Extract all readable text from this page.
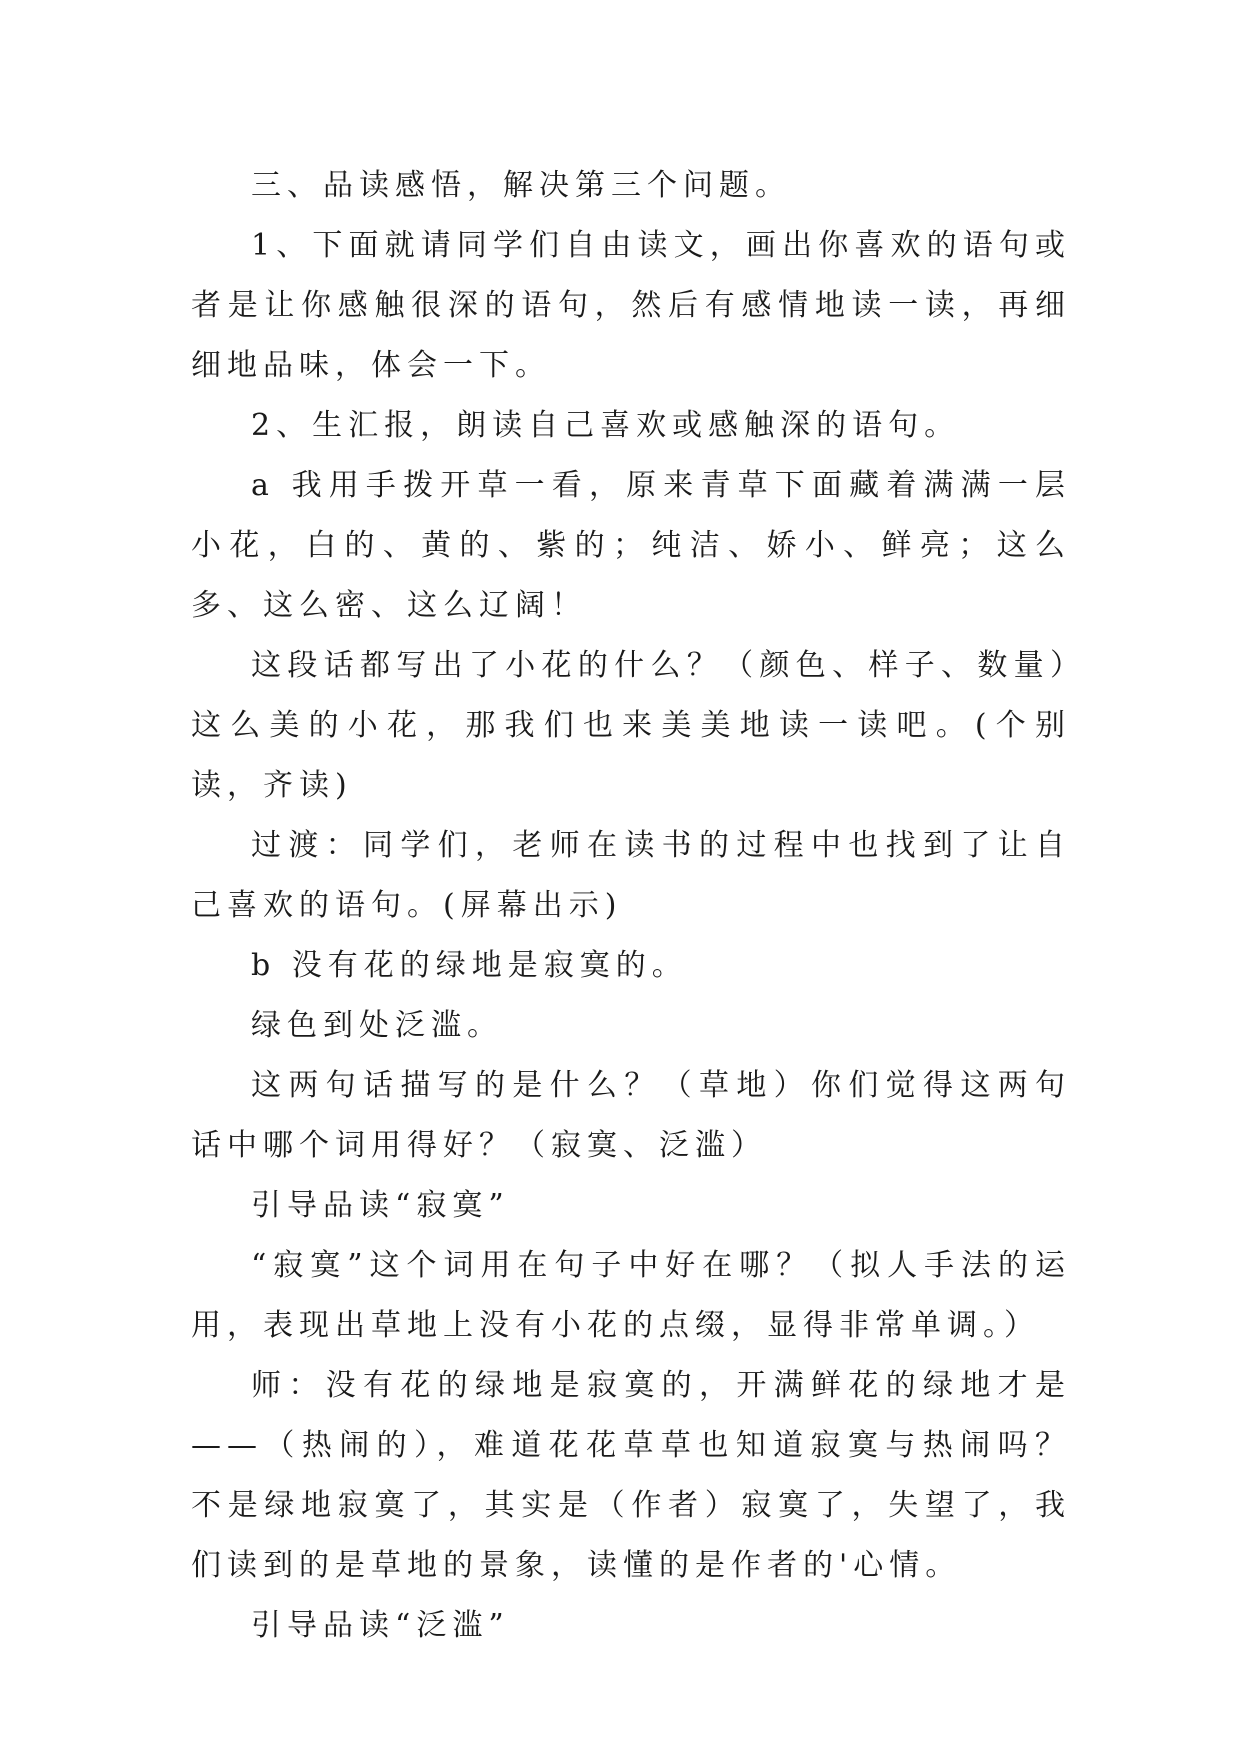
三、品读感悟，解决第三个问题。

1、下面就请同学们自由读文，画出你喜欢的语句或者是让你感触很深的语句，然后有感情地读一读，再细细地品味，体会一下。

2、生汇报，朗读自己喜欢或感触深的语句。

a 我用手拨开草一看，原来青草下面藏着满满一层小花，白的、黄的、紫的；纯洁、娇小、鲜亮；这么多、这么密、这么辽阔！

这段话都写出了小花的什么？（颜色、样子、数量）这么美的小花，那我们也来美美地读一读吧。(个别读，齐读)

过渡：同学们，老师在读书的过程中也找到了让自己喜欢的语句。(屏幕出示)

b 没有花的绿地是寂寞的。

绿色到处泛滥。

这两句话描写的是什么？（草地）你们觉得这两句话中哪个词用得好？（寂寞、泛滥）

引导品读“寂寞”

“寂寞”这个词用在句子中好在哪？（拟人手法的运用，表现出草地上没有小花的点缀，显得非常单调。）

师：没有花的绿地是寂寞的，开满鲜花的绿地才是——（热闹的），难道花花草草也知道寂寞与热闹吗？不是绿地寂寞了，其实是（作者）寂寞了，失望了，我们读到的是草地的景象，读懂的是作者的'心情。

引导品读“泛滥”
